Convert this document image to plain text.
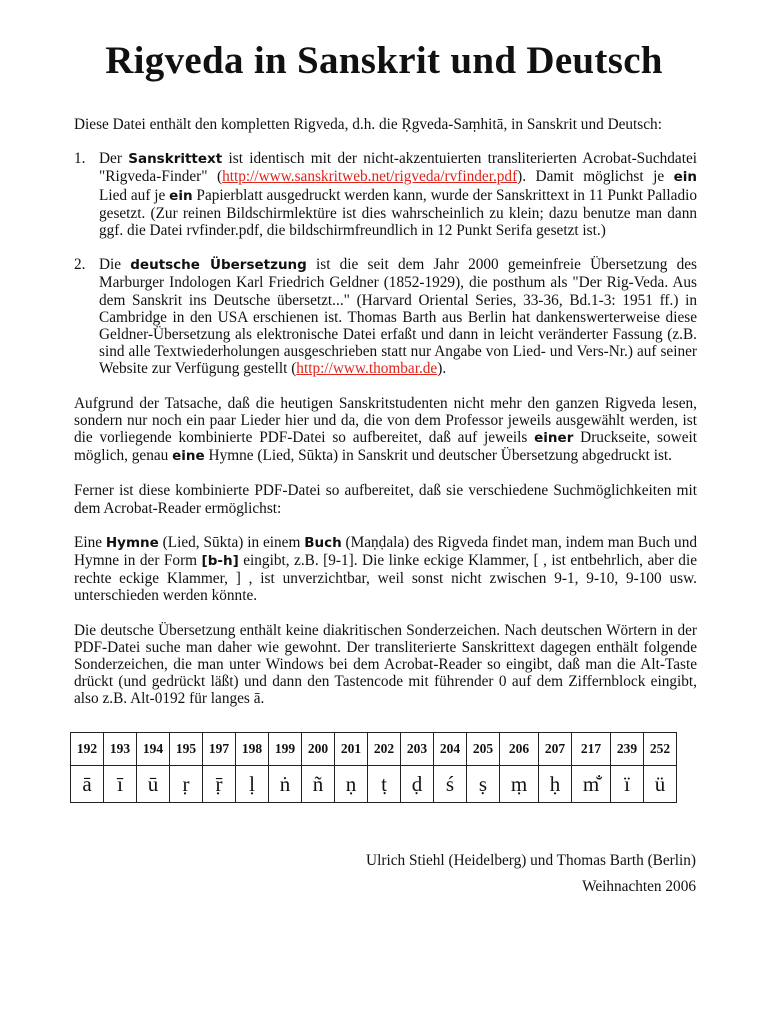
Rigveda in Sanskrit und Deutsch

Diese Datei enthält den kompletten Rigveda, d.h. die Ṛgveda-Saṃhitā, in Sanskrit und Deutsch:

1. Der Sanskrittext ist identisch mit der nicht-akzentuierten transliterierten Acrobat-Suchdatei "Rigveda-Finder" (http://www.sanskritweb.net/rigveda/rvfinder.pdf). Damit möglichst je ein Lied auf je ein Papierblatt ausgedruckt werden kann, wurde der Sanskrittext in 11 Punkt Palladio gesetzt. (Zur reinen Bildschirmlektüre ist dies wahrscheinlich zu klein; dazu benutze man dann ggf. die Datei rvfinder.pdf, die bildschirmfreundlich in 12 Punkt Serifa gesetzt ist.)
2. Die deutsche Übersetzung ist die seit dem Jahr 2000 gemeinfreie Übersetzung des Marburger Indologen Karl Friedrich Geldner (1852-1929), die posthum als "Der Rig-Veda. Aus dem Sanskrit ins Deutsche übersetzt..." (Harvard Oriental Series, 33-36, Bd.1-3: 1951 ff.) in Cambridge in den USA erschienen ist. Thomas Barth aus Berlin hat dankenswerterweise diese Geldner-Übersetzung als elektronische Datei erfaßt und dann in leicht veränderter Fassung (z.B. sind alle Textwiederholungen ausgeschrieben statt nur Angabe von Lied- und Vers-Nr.) auf seiner Website zur Verfügung gestellt (http://www.thombar.de).

Aufgrund der Tatsache, daß die heutigen Sanskritstudenten nicht mehr den ganzen Rigveda lesen, sondern nur noch ein paar Lieder hier und da, die von dem Professor jeweils ausgewählt werden, ist die vorliegende kombinierte PDF-Datei so aufbereitet, daß auf jeweils einer Druckseite, soweit möglich, genau eine Hymne (Lied, Sūkta) in Sanskrit und deutscher Übersetzung abgedruckt ist.

Ferner ist diese kombinierte PDF-Datei so aufbereitet, daß sie verschiedene Suchmöglichkeiten mit dem Acrobat-Reader ermöglichst:

Eine Hymne (Lied, Sūkta) in einem Buch (Maṇḍala) des Rigveda findet man, indem man Buch und Hymne in der Form [b-h] eingibt, z.B. [9-1]. Die linke eckige Klammer, [ , ist entbehrlich, aber die rechte eckige Klammer, ] , ist unverzichtbar, weil sonst nicht zwischen 9-1, 9-10, 9-100 usw. unterschieden werden könnte.

Die deutsche Übersetzung enthält keine diakritischen Sonderzeichen. Nach deutschen Wörtern in der PDF-Datei suche man daher wie gewohnt. Der transliterierte Sanskrittext dagegen enthält folgende Sonderzeichen, die man unter Windows bei dem Acrobat-Reader so eingibt, daß man die Alt-Taste drückt (und gedrückt läßt) und dann den Tastencode mit führender 0 auf dem Ziffernblock eingibt, also z.B. Alt-0192 für langes ā.

192	193	194	195	197	198	199	200	201	202	203	204	205	206	207	217	239	252
ā	ī	ū	ṛ	ṝ	ḷ	ṅ	ñ	ṇ	ṭ	ḍ	ś	ṣ	ṃ	ḥ	m̐	ï	ü
Ulrich Stiehl (Heidelberg) und Thomas Barth (Berlin)
Weihnachten 2006
